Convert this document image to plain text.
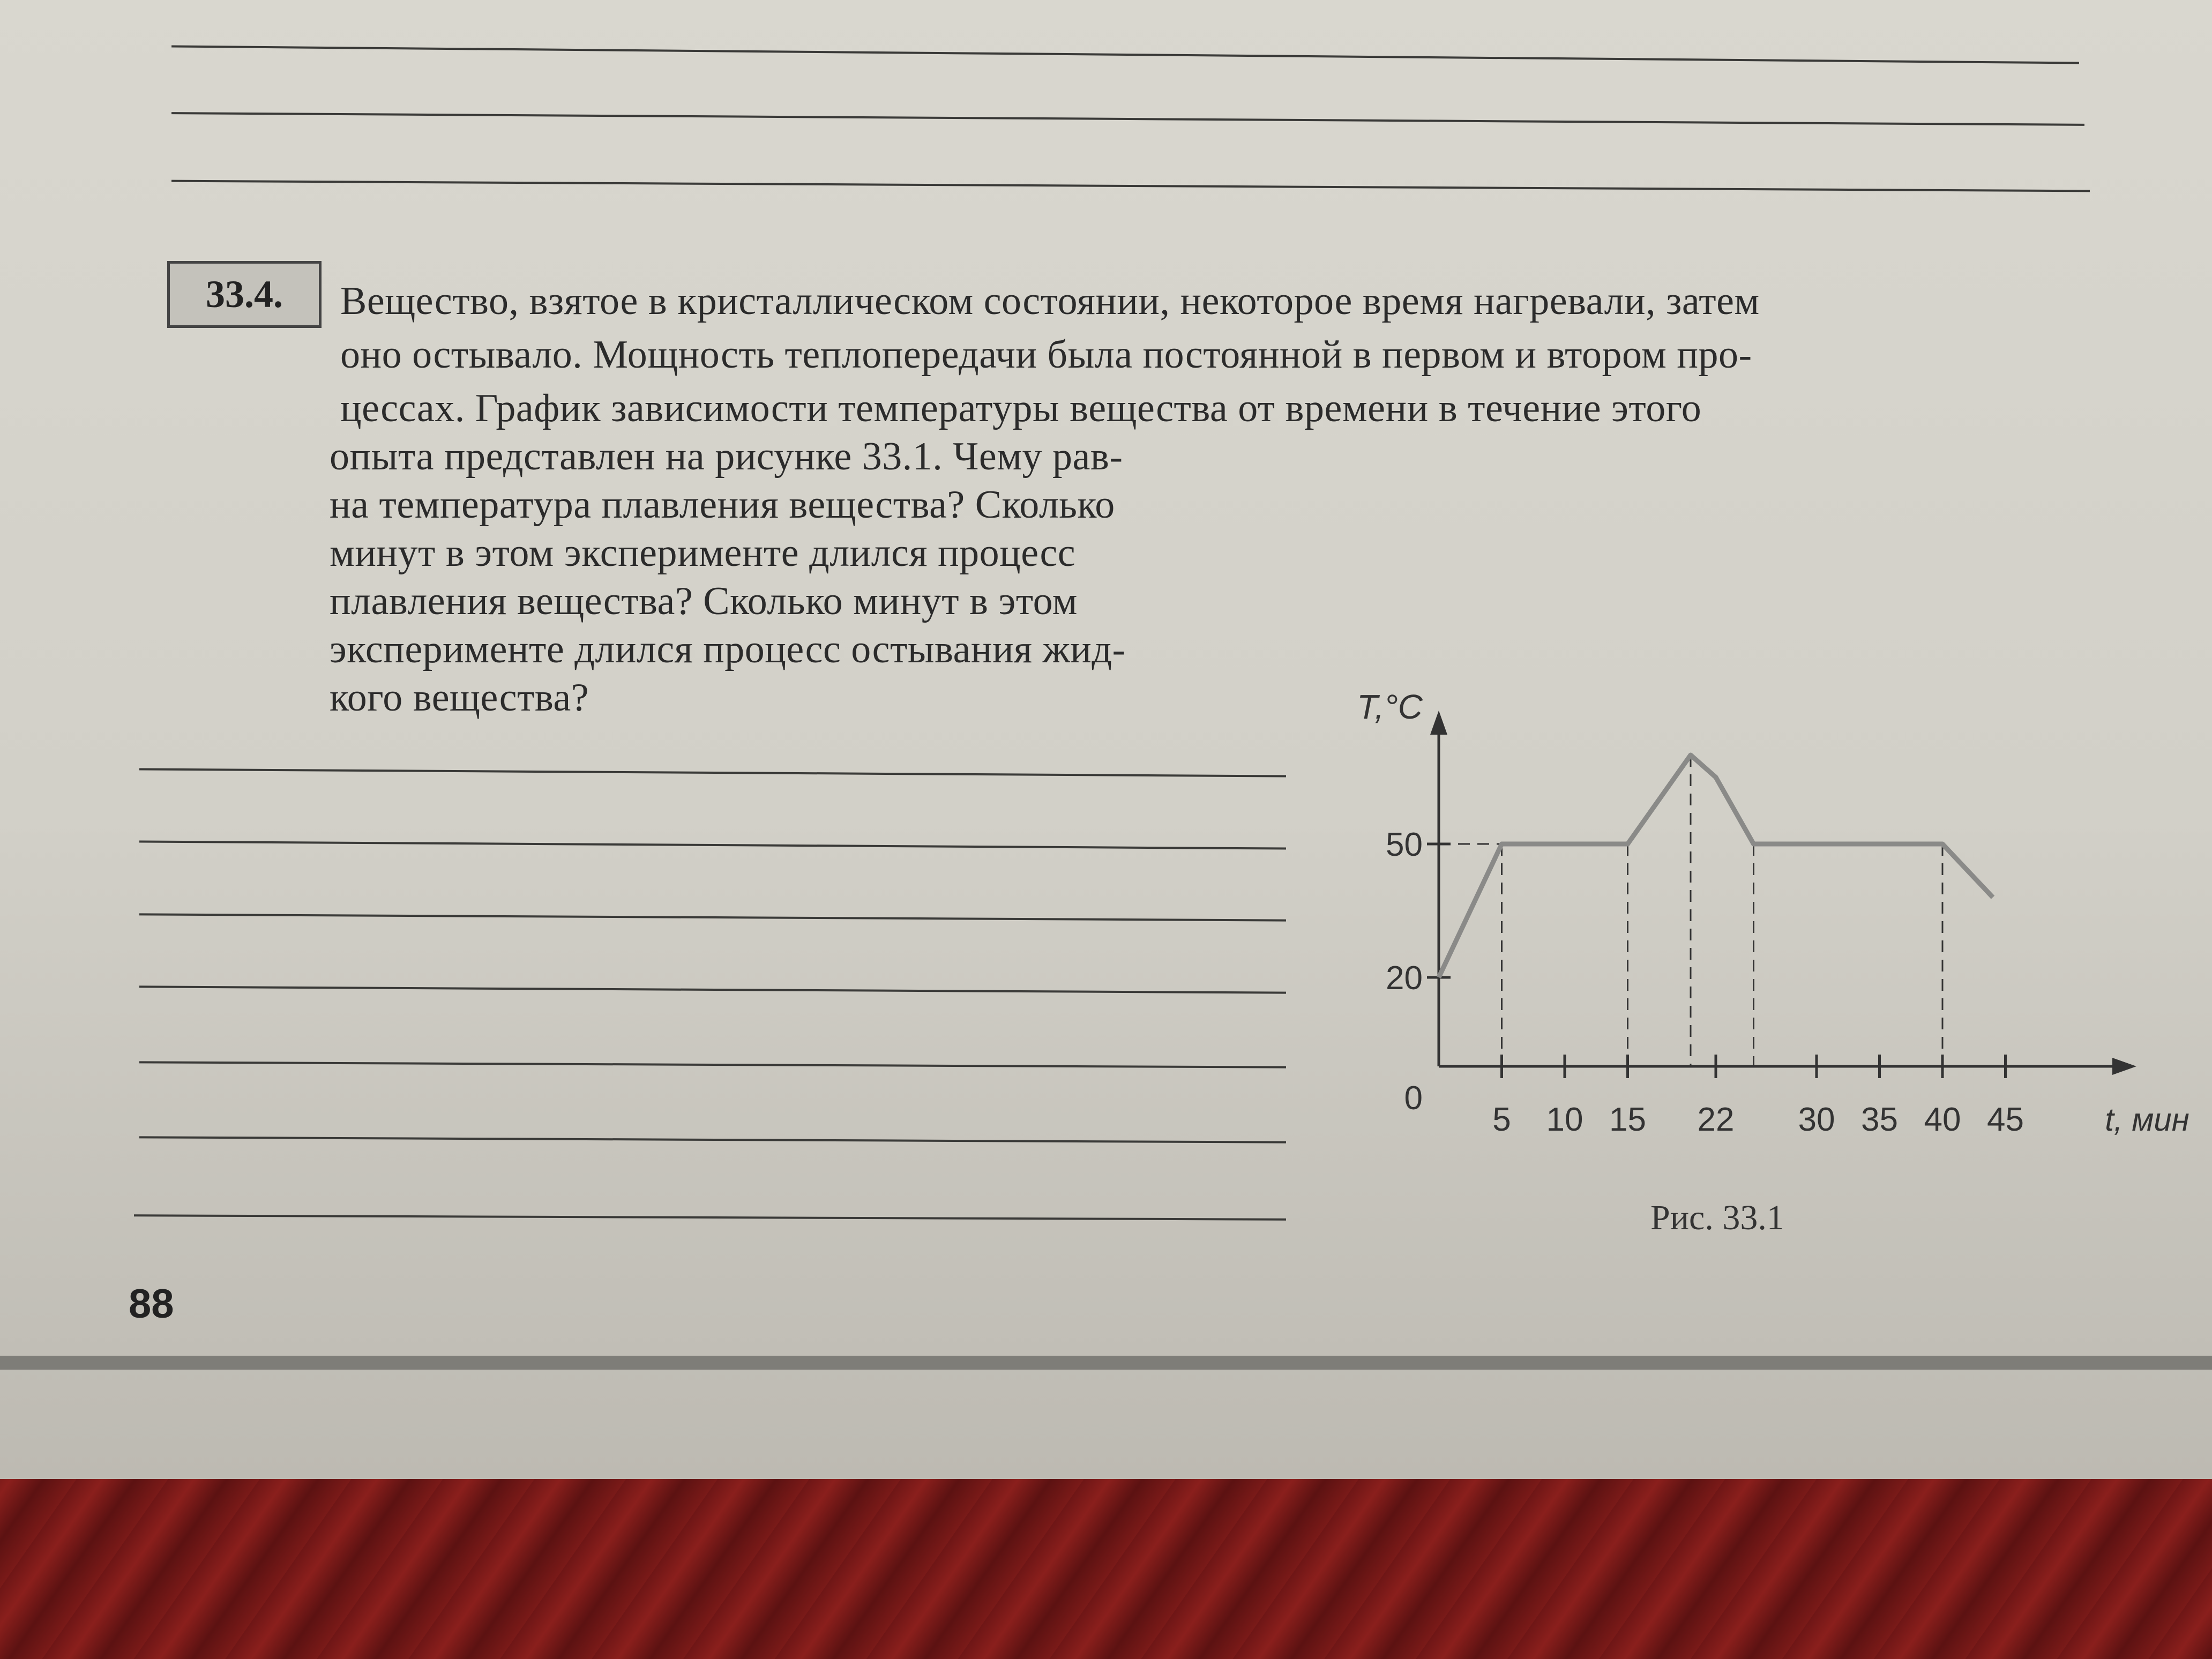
33.4.	Вещество, взятое в кристаллическом состоянии, некоторое время нагревали, затем
оно остывало. Мощность теплопередачи была постоянной в первом и втором про-
цессах. График зависимости температуры вещества от времени в течение этого
опыта представлен на рисунке 33.1. Чему рав-
на температура плавления вещества? Сколько
минут в этом эксперименте длился процесс
плавления вещества? Сколько минут в этом
эксперименте длился процесс остывания жид-
кого вещества?
5 10 15 22 30 35 40 45
20
50
0
T,°C
t, мин
Рис. 33.1
88
